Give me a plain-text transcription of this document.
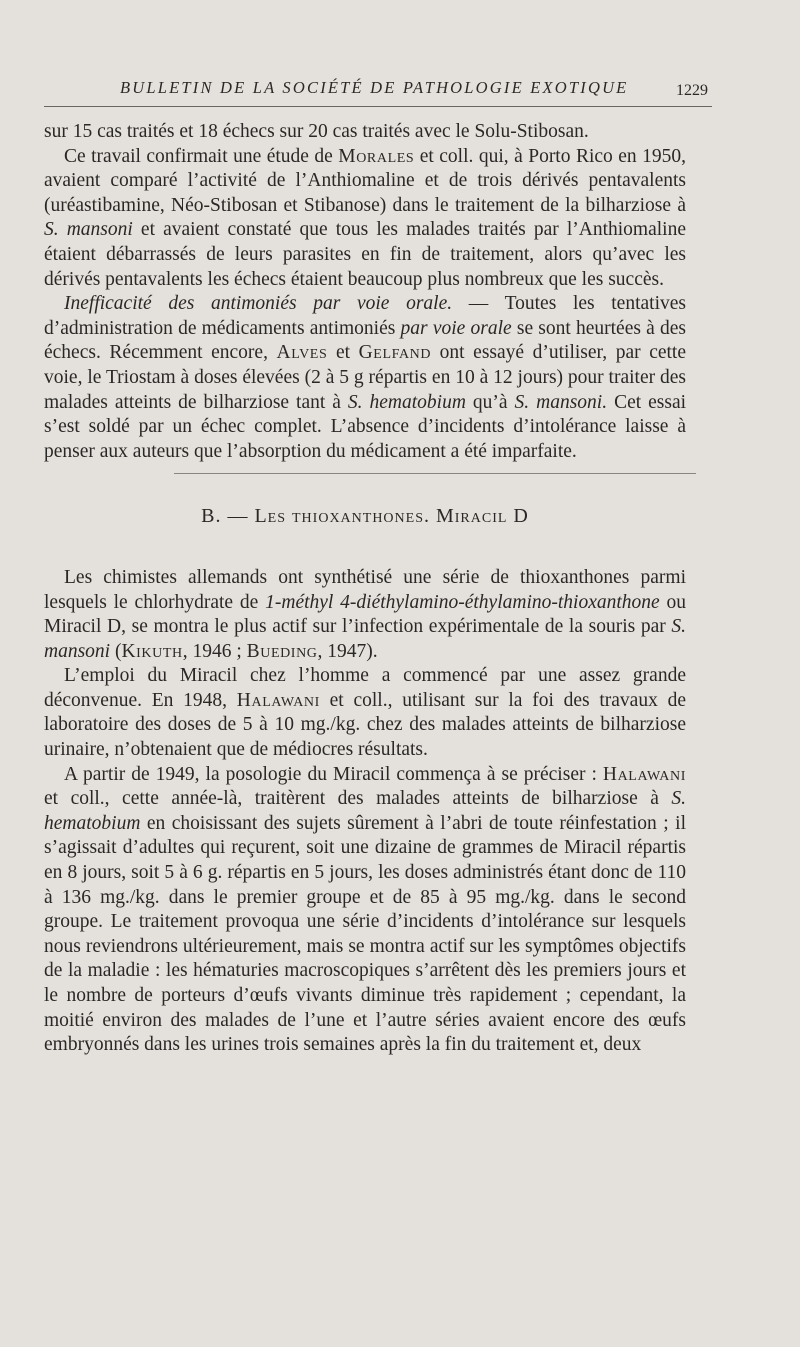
BULLETIN DE LA SOCIÉTÉ DE PATHOLOGIE EXOTIQUE	1229

sur 15 cas traités et 18 échecs sur 20 cas traités avec le Solu-Stibosan.

Ce travail confirmait une étude de Morales et coll. qui, à Porto Rico en 1950, avaient comparé l’activité de l’Anthiomaline et de trois dérivés pentavalents (uréastibamine, Néo-Stibosan et Stibanose) dans le traitement de la bilharziose à S. mansoni et avaient constaté que tous les malades traités par l’Anthiomaline étaient débarrassés de leurs parasites en fin de traitement, alors qu’avec les dérivés pentavalents les échecs étaient beaucoup plus nombreux que les succès.

Inefficacité des antimoniés par voie orale. — Toutes les tentatives d’administration de médicaments antimoniés par voie orale se sont heurtées à des échecs. Récemment encore, Alves et Gelfand ont essayé d’utiliser, par cette voie, le Triostam à doses élevées (2 à 5 g répartis en 10 à 12 jours) pour traiter des malades atteints de bilharziose tant à S. hematobium qu’à S. mansoni. Cet essai s’est soldé par un échec complet. L’absence d’incidents d’intolérance laisse à penser aux auteurs que l’absorption du médicament a été imparfaite.

B. — Les thioxanthones. Miracil D

Les chimistes allemands ont synthétisé une série de thioxanthones parmi lesquels le chlorhydrate de 1-méthyl 4-diéthylamino-éthylamino-thioxanthone ou Miracil D, se montra le plus actif sur l’infection expérimentale de la souris par S. mansoni (Kikuth, 1946 ; Bueding, 1947).

L’emploi du Miracil chez l’homme a commencé par une assez grande déconvenue. En 1948, Halawani et coll., utilisant sur la foi des travaux de laboratoire des doses de 5 à 10 mg./kg. chez des malades atteints de bilharziose urinaire, n’obtenaient que de médiocres résultats.

A partir de 1949, la posologie du Miracil commença à se préciser : Halawani et coll., cette année-là, traitèrent des malades atteints de bilharziose à S. hematobium en choisissant des sujets sûrement à l’abri de toute réinfestation ; il s’agissait d’adultes qui reçurent, soit une dizaine de grammes de Miracil répartis en 8 jours, soit 5 à 6 g. répartis en 5 jours, les doses administrés étant donc de 110 à 136 mg./kg. dans le premier groupe et de 85 à 95 mg./kg. dans le second groupe. Le traitement provoqua une série d’incidents d’intolérance sur lesquels nous reviendrons ultérieurement, mais se montra actif sur les symptômes objectifs de la maladie : les hématuries macroscopiques s’arrêtent dès les premiers jours et le nombre de porteurs d’œufs vivants diminue très rapidement ; cependant, la moitié environ des malades de l’une et l’autre séries avaient encore des œufs embryonnés dans les urines trois semaines après la fin du traitement et, deux
